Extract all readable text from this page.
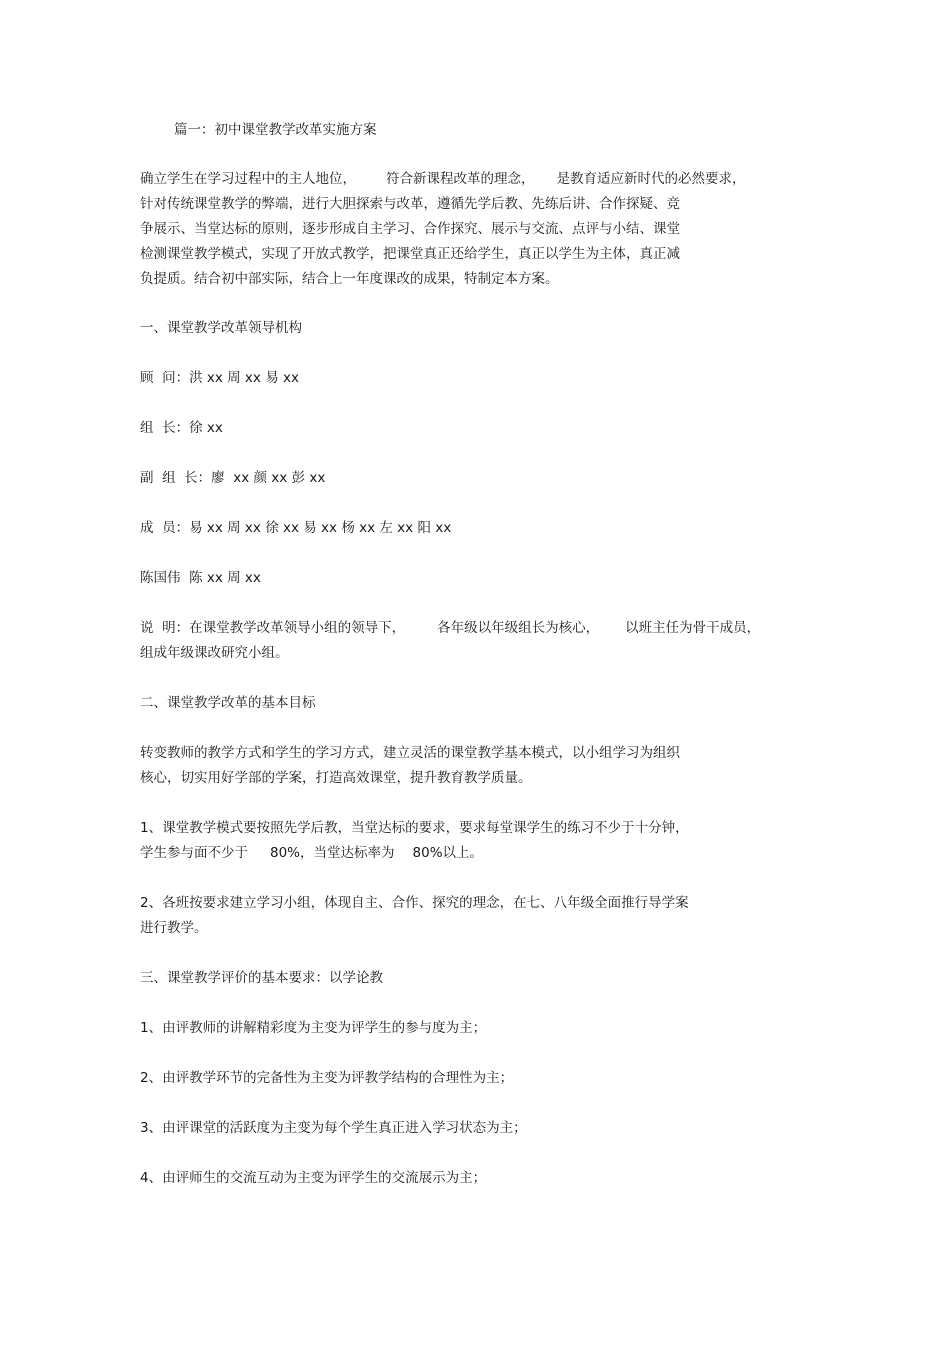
篇一：初中课堂教学改革实施方案
确立学生在学习过程中的主人地位， 符合新课程改革的理念， 是教育适应新时代的必然要求，
针对传统课堂教学的弊端，进行大胆探索与改革，遵循先学后教、先练后讲、合作探疑、竞
争展示、当堂达标的原则，逐步形成自主学习、合作探究、展示与交流、点评与小结、课堂
检测课堂教学模式，实现了开放式教学，把课堂真正还给学生，真正以学生为主体，真正减
负提质。结合初中部实际，结合上一年度课改的成果，特制定本方案。
一、课堂教学改革领导机构
顾  问：洪 xx 周 xx 易 xx
组  长：徐 xx
副  组  长：廖  xx 颜 xx 彭 xx
成  员：易 xx 周 xx 徐 xx 易 xx 杨 xx 左 xx 阳 xx
陈国伟  陈 xx 周 xx
说  明：在课堂教学改革领导小组的领导下， 各年级以年级组长为核心， 以班主任为骨干成员，
组成年级课改研究小组。
二、课堂教学改革的基本目标
转变教师的教学方式和学生的学习方式，建立灵活的课堂教学基本模式，以小组学习为组织
核心，切实用好学部的学案，打造高效课堂，提升教育教学质量。
1、课堂教学模式要按照先学后教，当堂达标的要求，要求每堂课学生的练习不少于十分钟，
学生参与面不少于 80%，当堂达标率为 80%以上。
2、各班按要求建立学习小组，体现自主、合作、探究的理念，在七、八年级全面推行导学案
进行教学。
三、课堂教学评价的基本要求：以学论教
1、由评教师的讲解精彩度为主变为评学生的参与度为主；
2、由评教学环节的完备性为主变为评教学结构的合理性为主；
3、由评课堂的活跃度为主变为每个学生真正进入学习状态为主；
4、由评师生的交流互动为主变为评学生的交流展示为主；
